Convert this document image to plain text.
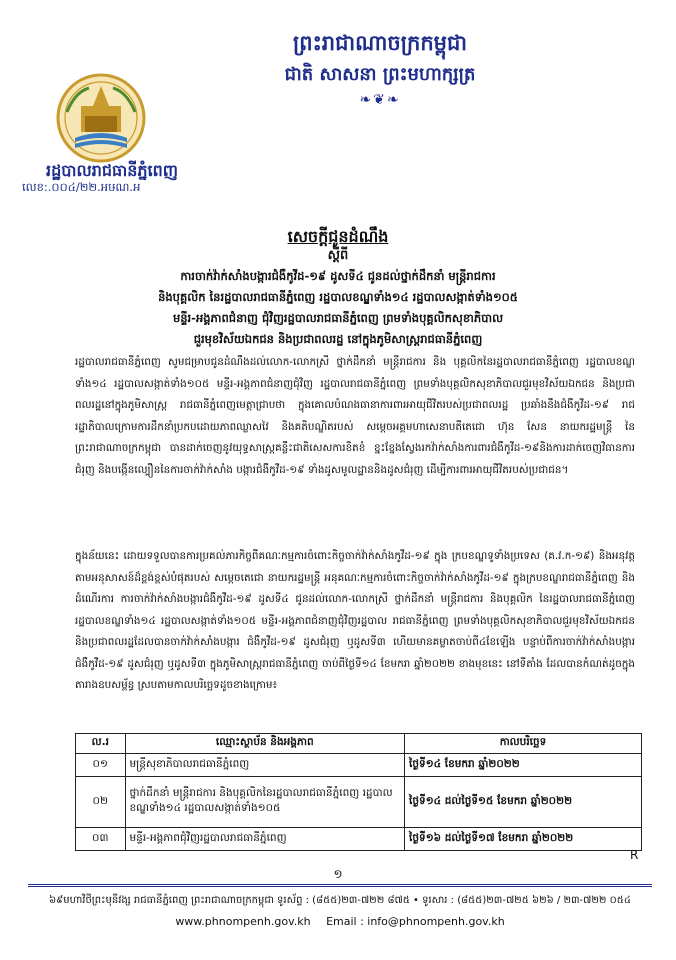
ព្រះរាជាណាចក្រកម្ពុជា
ជាតិ សាសនា ព្រះមហាក្សត្រ
❧❦❧
រដ្ឋបាលរាជធានីភ្នំពេញ
លេខ:.០០៤/២២.អឞណ.អ
សេចក្តីជូនដំណឹង
ស្តីពី
ការចាក់វ៉ាក់សាំងបង្ការជំងឺកូវីដ-១៩ ដូសទី៤ ជូនដល់ថ្នាក់ដឹកនាំ មន្ត្រីរាជការ
និងបុគ្គលិក នៃរដ្ឋបាលរាជធានីភ្នំពេញ រដ្ឋបាលខណ្ឌទាំង១៤ រដ្ឋបាលសង្កាត់ទាំង១០៥
មន្ទីរ-អង្គភាពជំនាញ ជុំវិញរដ្ឋបាលរាជធានីភ្នំពេញ ព្រមទាំងបុគ្គលិកសុខាភិបាល
ជួរមុខវិស័យឯកជន និងប្រជាពលរដ្ឋ នៅក្នុងភូមិសាស្ត្ររាជធានីភ្នំពេញ

រដ្ឋបាលរាជធានីភ្នំពេញ សូមជម្រាបជូនដំណឹងដល់លោក-លោកស្រី ថ្នាក់ដឹកនាំ មន្ត្រីរាជការ និង បុគ្គលិកនៃរដ្ឋបាលរាជធានីភ្នំពេញ រដ្ឋបាលខណ្ឌទាំង១៤ រដ្ឋបាលសង្កាត់ទាំង១០៥ មន្ទីរ-អង្គភាពជំនាញជុំវិញ រដ្ឋបាលរាជធានីភ្នំពេញ ព្រមទាំងបុគ្គលិកសុខាភិបាលជួរមុខវិស័យឯកជន និងប្រជាពលរដ្ឋនៅក្នុងភូមិសាស្ត្រ រាជធានីភ្នំពេញមេត្តាជ្រាបថា ក្នុងគោលបំណងធានាការពារអាយុជីវិតរបស់ប្រជាពលរដ្ឋ ប្រឆាំងនឹងជំងឺកូវីដ-១៩ រាជរដ្ឋាភិបាលក្រោមការដឹកនាំប្រកបដោយភាពឈ្លាសវៃ និងគតិបណ្ឌិតរបស់ សម្តេចអគ្គមហាសេនាបតីតេជោ ហ៊ុន សែន នាយករដ្ឋមន្ត្រី នៃព្រះរាជាណាចក្រកម្ពុជា បានដាក់ចេញនូវយុទ្ធសាស្ត្រគន្លឹះជាតិសេសការខិតខំ ខ្នះខ្នែងស្វែងរកវ៉ាក់សាំងការពារជំងឺកូវីដ-១៩និងការដាក់ចេញវិធានការជំរុញ និងបង្កើនល្បឿននៃការចាក់វ៉ាក់សាំង បង្ការជំងឺកូវីដ-១៩ ទាំងដូសមូលដ្ឋាននិងដូសជំរុញ ដើម្បីការពារអាយុជីវិតរបស់ប្រជាជន។

ក្នុងន័យនេះ ដោយទទួលបានការប្រគល់ភារកិច្ចពីគណៈកម្មការចំពោះកិច្ចចាក់វ៉ាក់សាំងកូវីដ-១៩ ក្នុង ក្របខណ្ឌទូទាំងប្រទេស (គ.វ.ក-១៩) និងអនុវត្តតាមអនុសាសន៍ដ៏ខ្ពង់ខ្ពស់បំផុតរបស់ សម្តេចតេជោ នាយករដ្ឋមន្ត្រី អនុគណៈកម្មការចំពោះកិច្ចចាក់វ៉ាក់សាំងកូវីដ-១៩ ក្នុងក្របខណ្ឌរាជធានីភ្នំពេញ និង ដំណើរការ ការចាក់វ៉ាក់សាំងបង្ការជំងឺកូវីដ-១៩ ដូសទី៤ ជូនដល់លោក-លោកស្រី ថ្នាក់ដឹកនាំ មន្ត្រីរាជការ និងបុគ្គលិក នៃរដ្ឋបាលរាជធានីភ្នំពេញ រដ្ឋបាលខណ្ឌទាំង១៤ រដ្ឋបាលសង្កាត់ទាំង១០៥ មន្ទីរ-អង្គភាពជំនាញជុំវិញរដ្ឋបាល រាជធានីភ្នំពេញ ព្រមទាំងបុគ្គលិកសុខាភិបាលជួរមុខវិស័យឯកជន និងប្រជាពលរដ្ឋដែលបានចាក់វ៉ាក់សាំងបង្ការ ជំងឺកូវីដ-១៩ ដូសជំរុញ ឬដូសទី៣ ហើយមានគម្លាតចាប់ពី៤ខែឡើង បន្ទាប់ពីការចាក់វ៉ាក់សាំងបង្ការជំងឺកូវីដ-១៩ ដូសជំរុញ ឬដូសទី៣ ក្នុងភូមិសាស្ត្ររាជធានីភ្នំពេញ ចាប់ពីថ្ងៃទី១៤ ខែមករា ឆ្នាំ២០២២ ខាងមុខនេះ នៅទីតាំង ដែលបានកំណត់ដូចក្នុងតារាងឧបសម្ព័ន្ធ ស្របតាមកាលបរិច្ឆេទដូចខាងក្រោម៖

ល.រ	ឈ្មោះស្ថាប័ន និងអង្គភាព	កាលបរិច្ឆេទ
០១	មន្ត្រីសុខាភិបាលរាជធានីភ្នំពេញ	ថ្ងៃទី១៤ ខែមករា ឆ្នាំ២០២២
០២	ថ្នាក់ដឹកនាំ មន្ត្រីរាជការ និងបុគ្គលិកនៃរដ្ឋបាលរាជធានីភ្នំពេញ រដ្ឋបាលខណ្ឌទាំង១៤ រដ្ឋបាលសង្កាត់ទាំង១០៥	ថ្ងៃទី១៤ ដល់ថ្ងៃទី១៥ ខែមករា ឆ្នាំ២០២២
០៣	មន្ទីរ-អង្គភាពជុំវិញរដ្ឋបាលរាជធានីភ្នំពេញ	ថ្ងៃទី១៦ ដល់ថ្ងៃទី១៧ ខែមករា ឆ្នាំ២០២២
R
១
៦៩មហាវិថីព្រះមុនីវង្ស រាជធានីភ្នំពេញ ព្រះរាជាណាចក្រកម្ពុជា ទូរស័ព្ទ : (៨៥៥)២៣-៧២២ ៨៧៥ • ទូរសារ : (៨៥៥)២៣-៧២៥ ៦២៦ / ២៣-៧២២ ០៥៤
www.phnompenh.gov.kh Email : info@phnompenh.gov.kh
